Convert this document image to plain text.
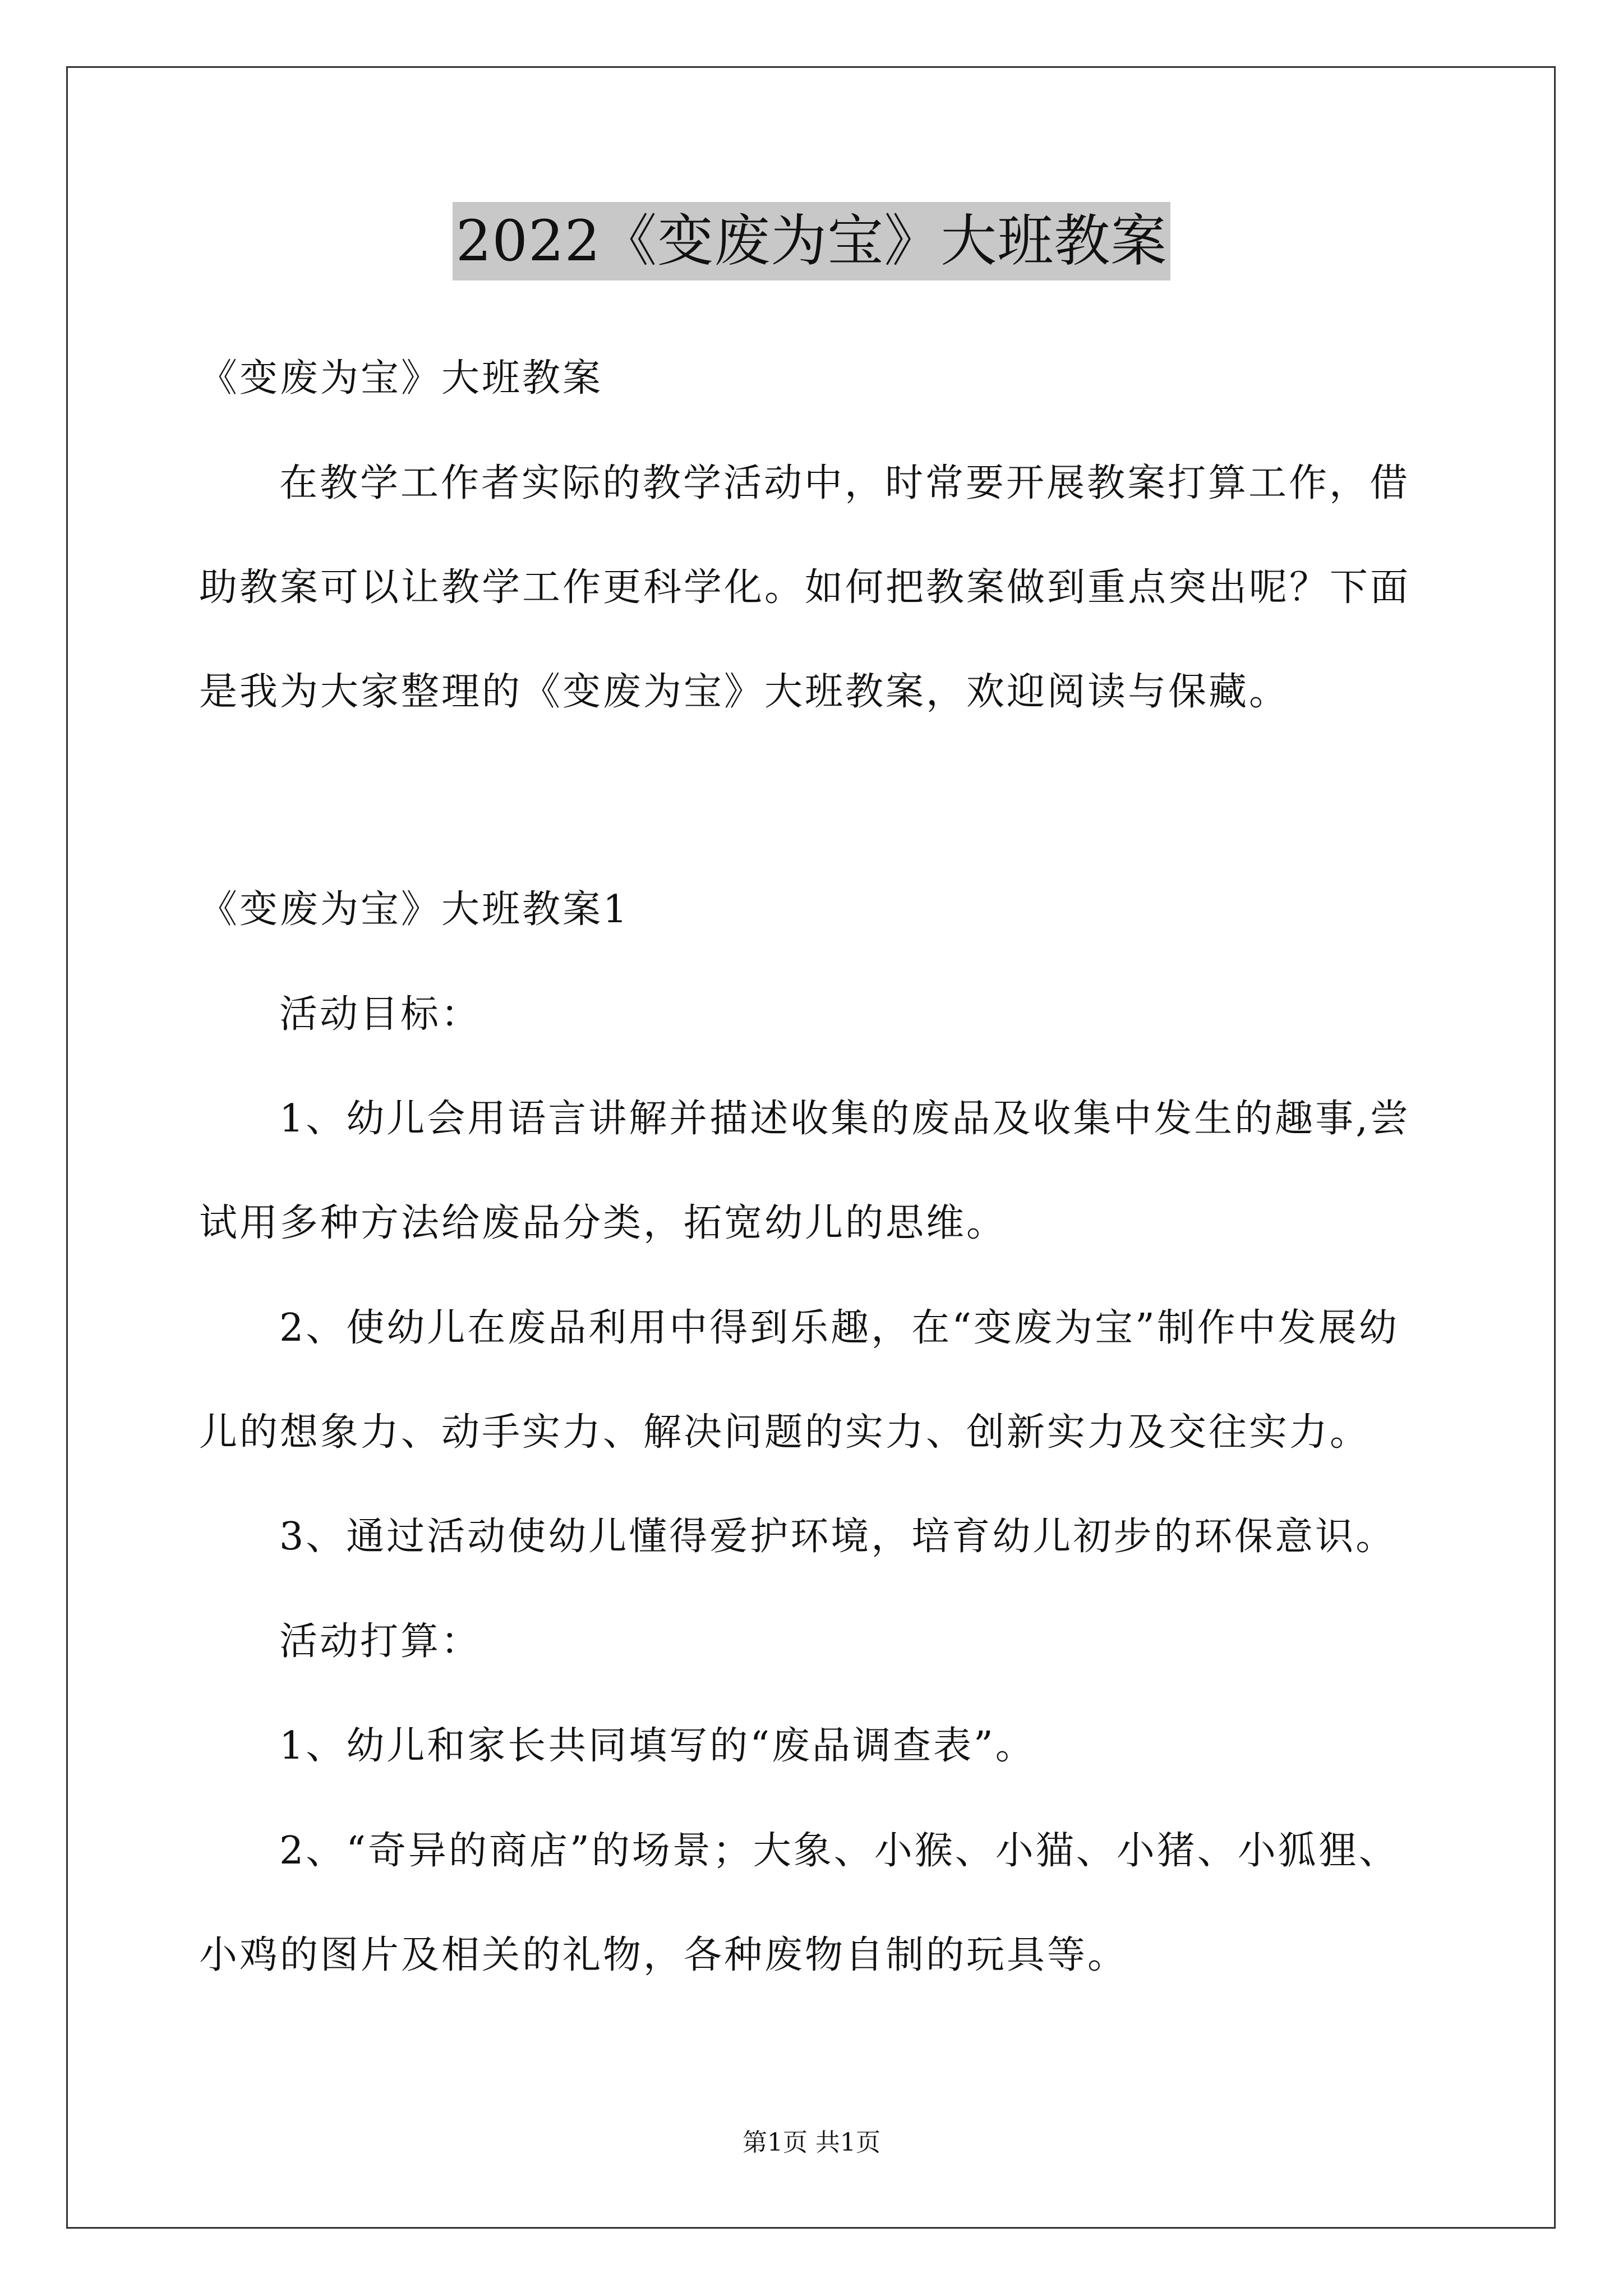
2022《变废为宝》大班教案
《变废为宝》大班教案
在教学工作者实际的教学活动中，时常要开展教案打算工作，借
助教案可以让教学工作更科学化。如何把教案做到重点突出呢？下面
是我为大家整理的《变废为宝》大班教案，欢迎阅读与保藏。
《变废为宝》大班教案1
活动目标：
1、幼儿会用语言讲解并描述收集的废品及收集中发生的趣事,尝
试用多种方法给废品分类，拓宽幼儿的思维。
2、使幼儿在废品利用中得到乐趣，在“变废为宝”制作中发展幼
儿的想象力、动手实力、解决问题的实力、创新实力及交往实力。
3、通过活动使幼儿懂得爱护环境，培育幼儿初步的环保意识。
活动打算：
1、幼儿和家长共同填写的“废品调查表”。
2、“奇异的商店”的场景；大象、小猴、小猫、小猪、小狐狸、
小鸡的图片及相关的礼物，各种废物自制的玩具等。
第1页 共1页
